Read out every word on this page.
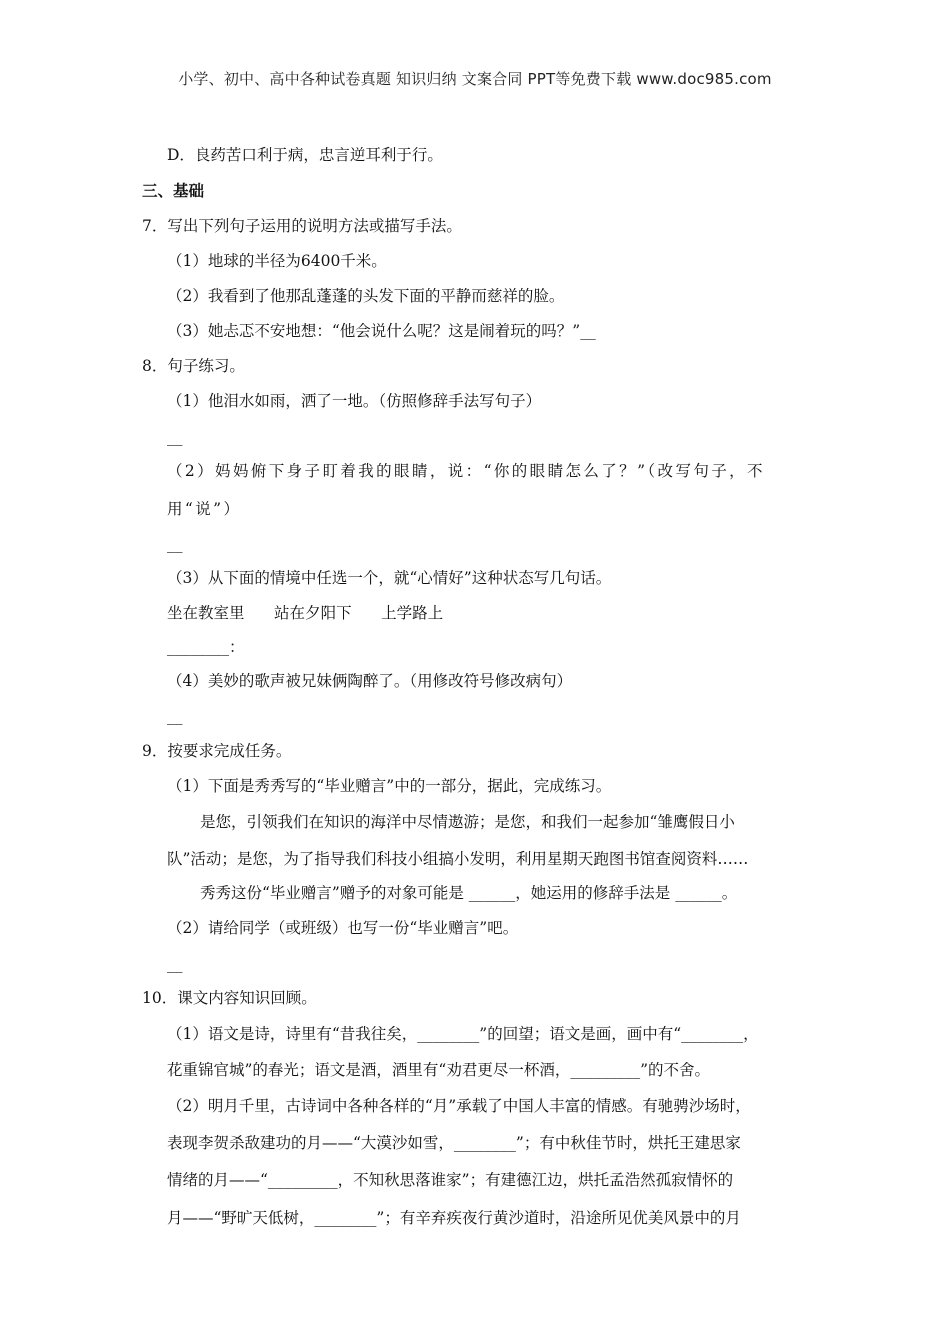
小学、初中、高中各种试卷真题 知识归纳 文案合同 PPT等免费下载 www.doc985.com
D．良药苦口利于病，忠言逆耳利于行。
三、基础
7．写出下列句子运用的说明方法或描写手法。
（1）地球的半径为6400千米。
（2）我看到了他那乱蓬蓬的头发下面的平静而慈祥的脸。
（3）她忐忑不安地想：“他会说什么呢？这是闹着玩的吗？”__
8．句子练习。
（1）他泪水如雨，洒了一地。（仿照修辞手法写句子）
__
（2）妈妈俯下身子盯着我的眼睛，说：“你的眼睛怎么了？”（改写句子，不
用“说”）
__
（3）从下面的情境中任选一个，就“心情好”这种状态写几句话。
坐在教室里      站在夕阳下      上学路上
________：
（4）美妙的歌声被兄妹俩陶醉了。（用修改符号修改病句）
__
9．按要求完成任务。
（1）下面是秀秀写的“毕业赠言”中的一部分，据此，完成练习。
是您，引领我们在知识的海洋中尽情遨游；是您，和我们一起参加“雏鹰假日小
队”活动；是您，为了指导我们科技小组搞小发明，利用星期天跑图书馆查阅资料……
秀秀这份“毕业赠言”赠予的对象可能是 ______，她运用的修辞手法是 ______。
（2）请给同学（或班级）也写一份“毕业赠言”吧。
__
10．课文内容知识回顾。
（1）语文是诗，诗里有“昔我往矣，________”的回望；语文是画，画中有“________，
花重锦官城”的春光；语文是酒，酒里有“劝君更尽一杯酒，_________”的不舍。
（2）明月千里，古诗词中各种各样的“月”承载了中国人丰富的情感。有驰骋沙场时，
表现李贺杀敌建功的月——“大漠沙如雪，________”；有中秋佳节时，烘托王建思家
情绪的月——“_________，不知秋思落谁家”；有建德江边，烘托孟浩然孤寂情怀的
月——“野旷天低树，________”；有辛弃疾夜行黄沙道时，沿途所见优美风景中的月
